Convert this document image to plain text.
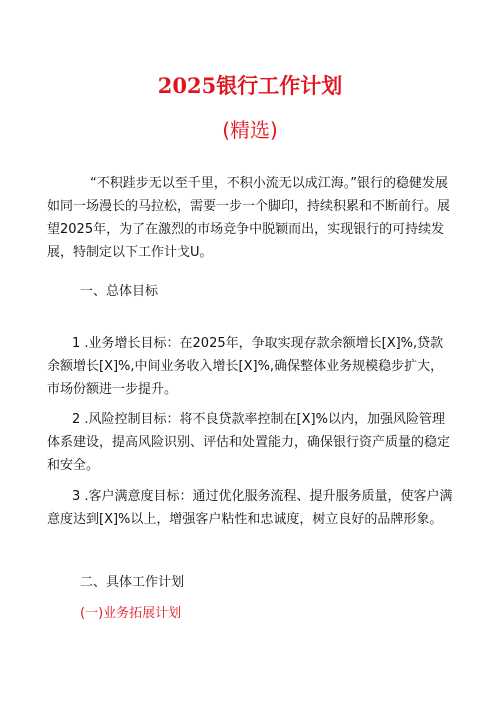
2025银行工作计划
(精选)
“不积跬步无以至千里，不积小流无以成江海。”银行的稳健发展如同一场漫长的马拉松，需要一步一个脚印，持续积累和不断前行。展望2025年，为了在激烈的市场竞争中脱颖而出，实现银行的可持续发展，特制定以下工作计戈U。
一、总体目标
1 .业务增长目标：在2025年，争取实现存款余额增长[X]%,贷款余额增长[X]%,中间业务收入增长[X]%,确保整体业务规模稳步扩大，市场份额进一步提升。
2 .风险控制目标：将不良贷款率控制在[X]%以内，加强风险管理体系建设，提高风险识别、评估和处置能力，确保银行资产质量的稳定和安全。
3 .客户满意度目标：通过优化服务流程、提升服务质量，使客户满意度达到[X]%以上，增强客户粘性和忠诚度，树立良好的品牌形象。
二、具体工作计划
(一)业务拓展计划
